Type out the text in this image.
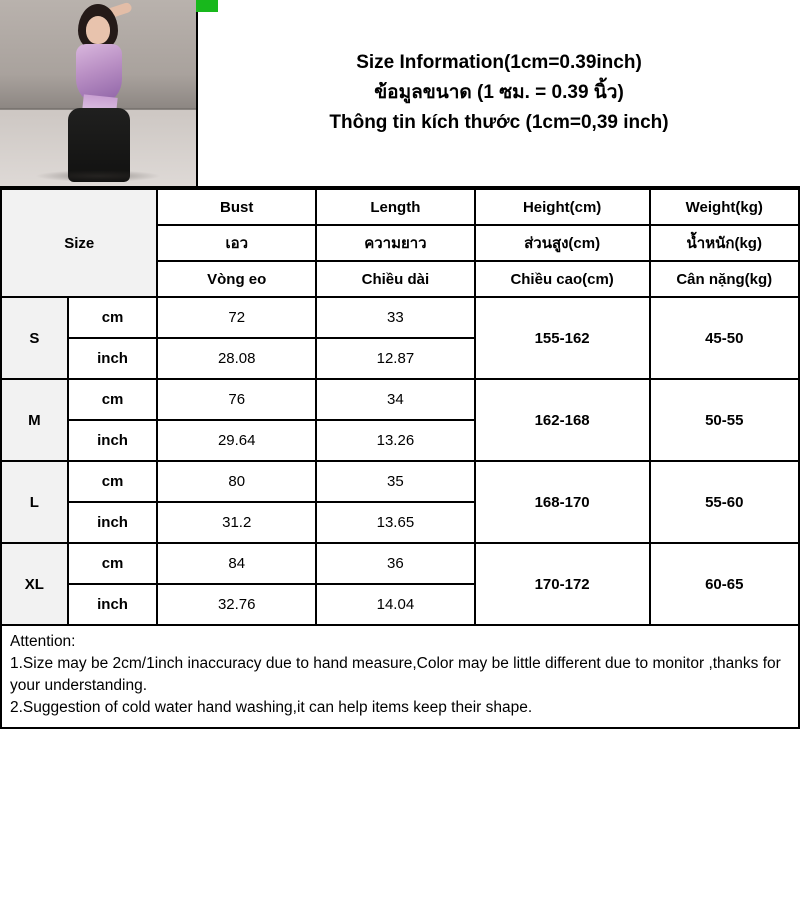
Size Information(1cm=0.39inch)
ข้อมูลขนาด (1 ซม. = 0.39 นิ้ว)
Thông tin kích thước (1cm=0,39 inch)
Size		Bust	Length	Height(cm)	Weight(kg)
		เอว	ความยาว	ส่วนสูง(cm)	น้ำหนัก(kg)
		Vòng eo	Chiều dài	Chiều cao(cm)	Cân nặng(kg)
S	cm	72	33	155-162	45-50
	inch	28.08	12.87		
M	cm	76	34	162-168	50-55
	inch	29.64	13.26		
L	cm	80	35	168-170	55-60
	inch	31.2	13.65		
XL	cm	84	36	170-172	60-65
	inch	32.76	14.04		

Attention:

1.Size may be 2cm/1inch inaccuracy due to hand measure,Color may be little different due to monitor ,thanks for your understanding.

2.Suggestion of cold water hand washing,it can help items keep their shape.
